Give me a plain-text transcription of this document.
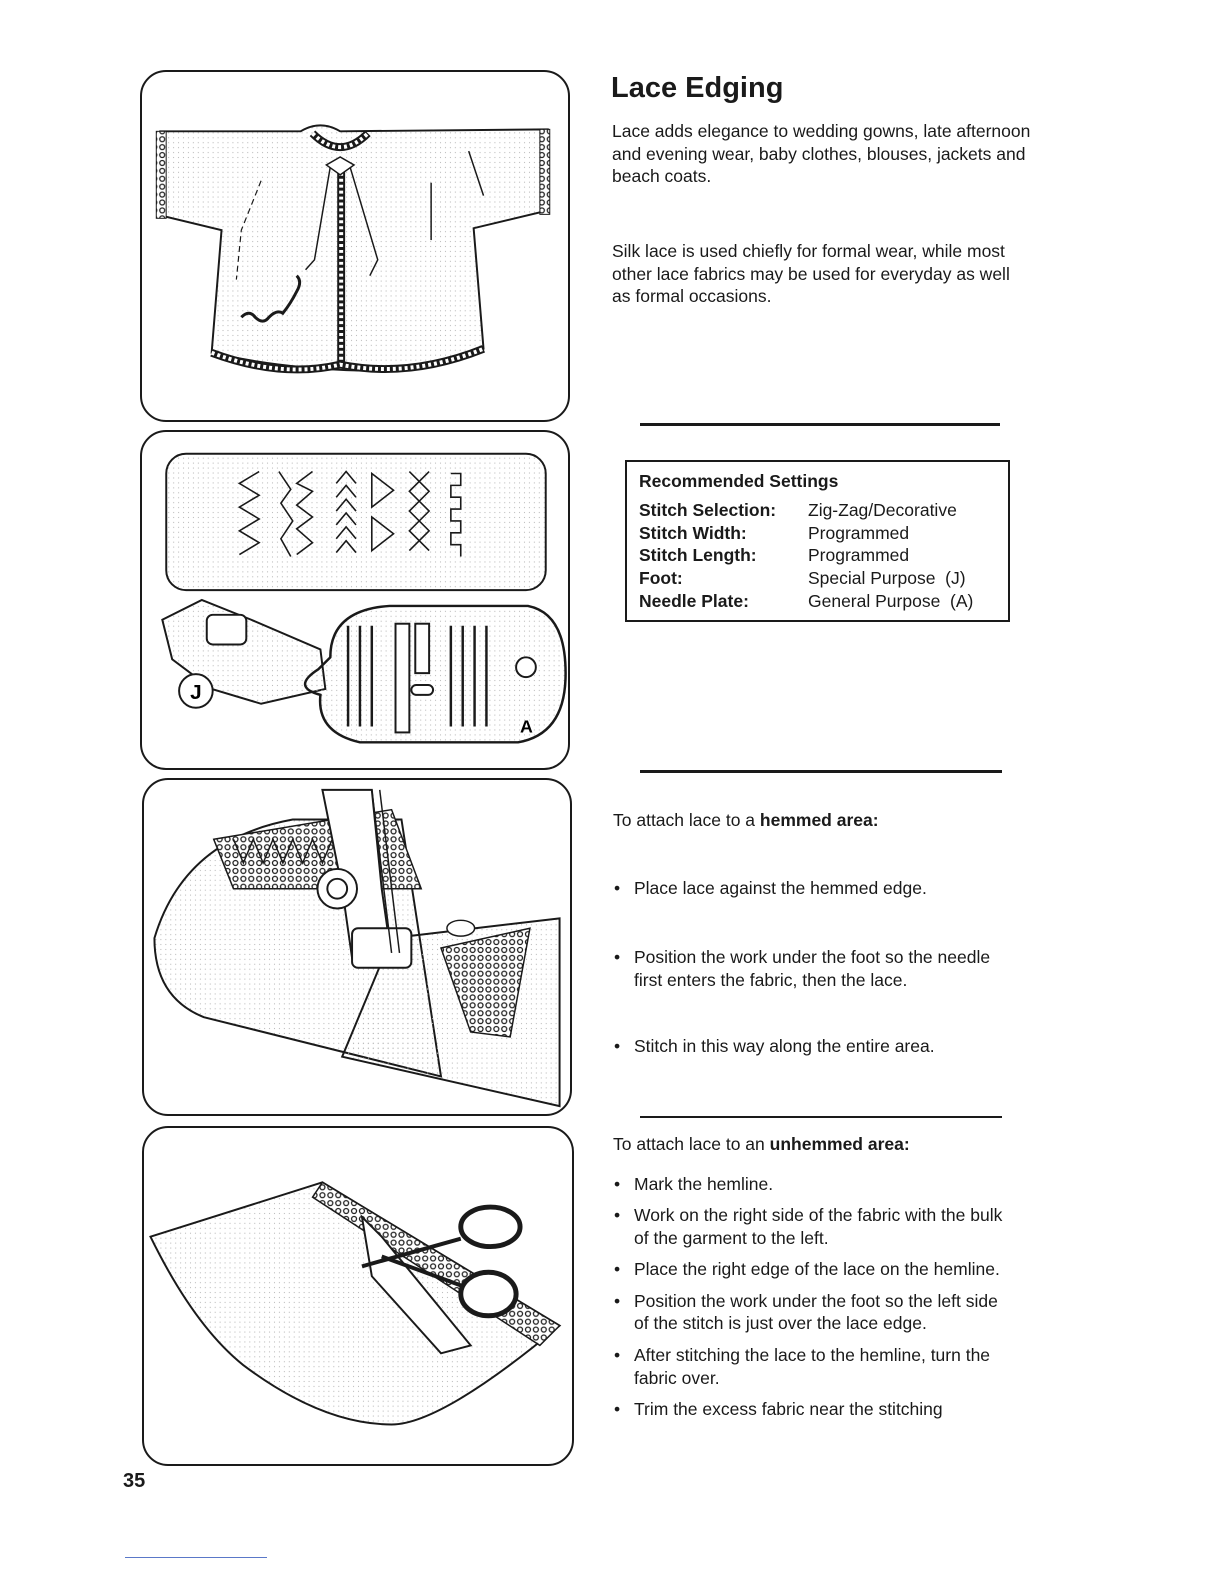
J
A
Lace Edging

Lace adds elegance to wedding gowns, late afternoon and evening wear, baby clothes, blouses, jackets and beach coats.

Silk lace is used chiefly for formal wear, while most other lace fabrics may be used for everyday as well as formal occasions.

Recommended Settings
Stitch Selection:	Zig-Zag/Decorative
Stitch Width:	Programmed
Stitch Length:	Programmed
Foot:	Special Purpose  (J)
Needle Plate:	General Purpose  (A)

To attach lace to a hemmed area:

• Place lace against the hemmed edge.
• Position the work under the foot so the needle first enters the fabric, then the lace.
• Stitch in this way along the entire area.

To attach lace to an unhemmed area:

• Mark the hemline.
• Work on the right side of the fabric with the bulk of the garment to the left.
• Place the right edge of the lace on the hemline.
• Position the work under the foot so the left side of the stitch is just over the lace edge.
• After stitching the lace to the hemline, turn the fabric over.
• Trim the excess fabric near the stitching
35
